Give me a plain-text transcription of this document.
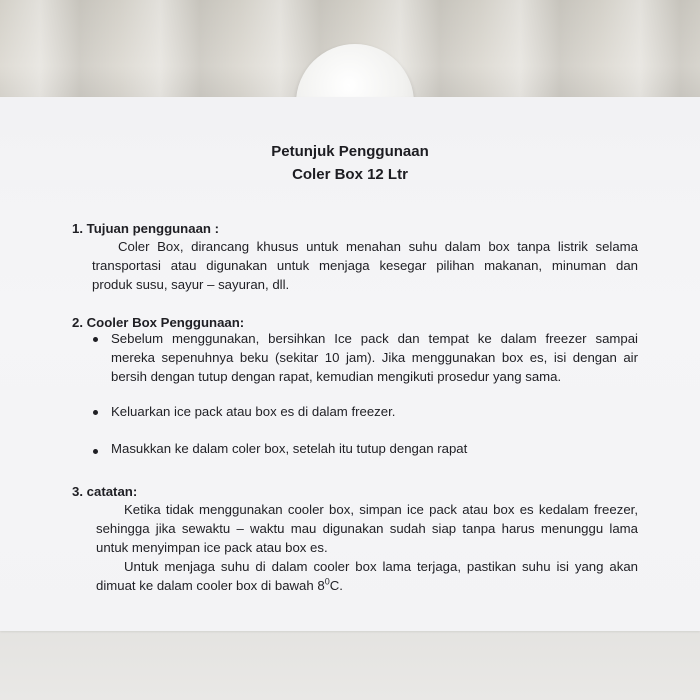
Petunjuk Penggunaan
Coler Box 12 Ltr
1. Tujuan penggunaan :
Coler Box, dirancang khusus untuk menahan suhu dalam box tanpa listrik selama
transportasi atau digunakan untuk menjaga kesegar pilihan makanan, minuman dan
produk susu, sayur – sayuran, dll.
2. Cooler Box Penggunaan:
Sebelum menggunakan, bersihkan Ice pack dan tempat ke dalam freezer sampai
mereka sepenuhnya beku (sekitar 10 jam). Jika menggunakan box es, isi dengan air
bersih dengan tutup dengan rapat, kemudian mengikuti prosedur yang sama.
Keluarkan ice pack atau box es di dalam freezer.
Masukkan ke dalam coler box, setelah itu tutup dengan rapat
3. catatan:
Ketika tidak menggunakan cooler box, simpan ice pack atau box es kedalam freezer,
sehingga jika sewaktu – waktu mau digunakan sudah siap tanpa harus menunggu lama
untuk menyimpan ice pack atau box es.
Untuk menjaga suhu di dalam cooler box lama terjaga, pastikan suhu isi yang akan
dimuat ke dalam cooler box di bawah $8^0C$.
